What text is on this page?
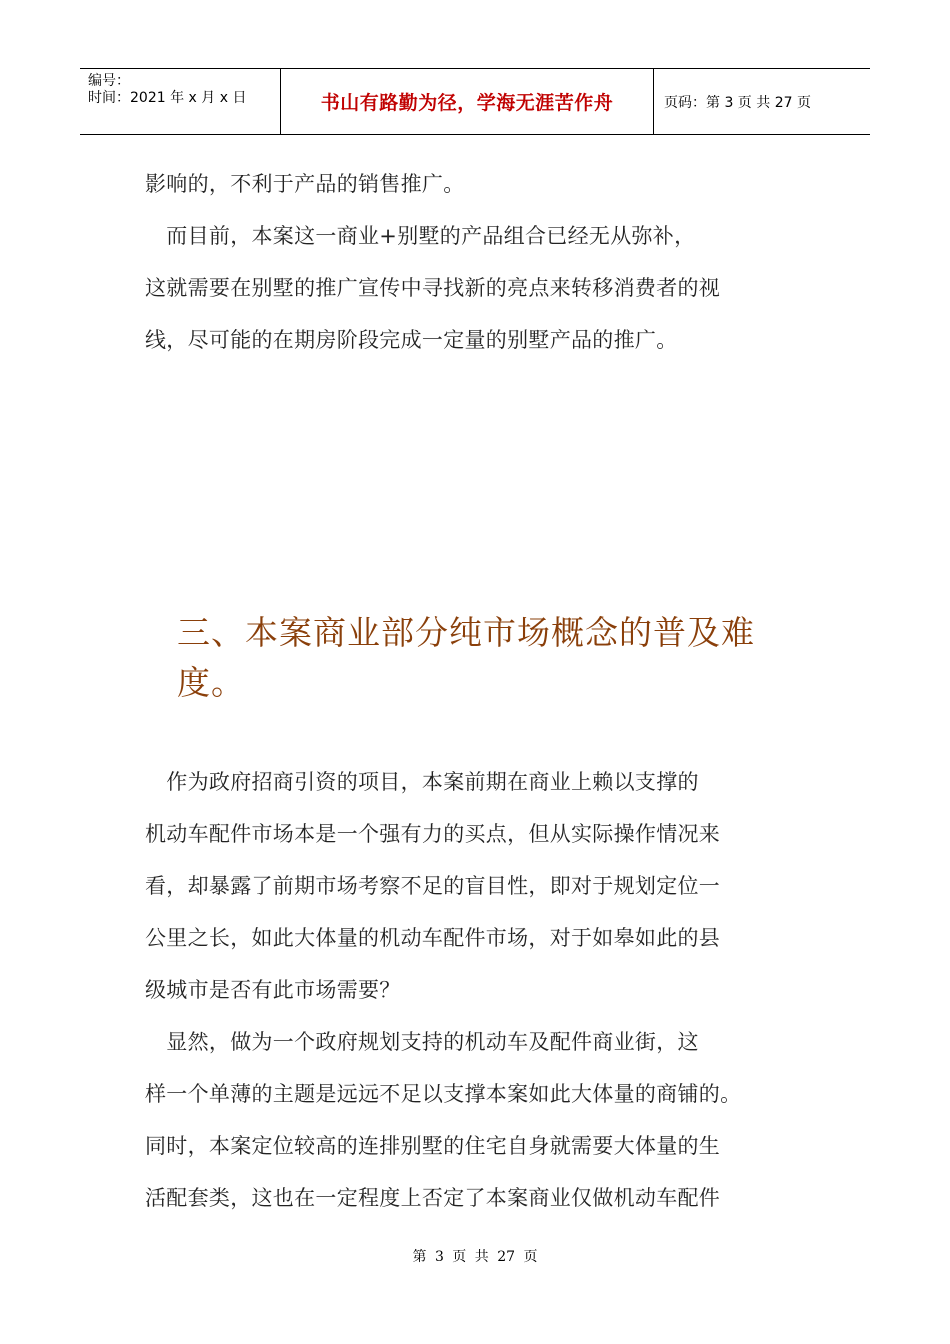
编号：
时间：2021 年 x 月 x 日	书山有路勤为径，学海无涯苦作舟	页码：第 3 页 共 27 页
影响的，不利于产品的销售推广。
　而目前，本案这一商业+别墅的产品组合已经无从弥补，
这就需要在别墅的推广宣传中寻找新的亮点来转移消费者的视
线，尽可能的在期房阶段完成一定量的别墅产品的推广。
三、本案商业部分纯市场概念的普及难
度。
　作为政府招商引资的项目，本案前期在商业上赖以支撑的
机动车配件市场本是一个强有力的买点，但从实际操作情况来
看，却暴露了前期市场考察不足的盲目性，即对于规划定位一
公里之长，如此大体量的机动车配件市场，对于如皋如此的县
级城市是否有此市场需要？
　显然，做为一个政府规划支持的机动车及配件商业街，这
样一个单薄的主题是远远不足以支撑本案如此大体量的商铺的。
同时，本案定位较高的连排别墅的住宅自身就需要大体量的生
活配套类，这也在一定程度上否定了本案商业仅做机动车配件
第 3 页 共 27 页
